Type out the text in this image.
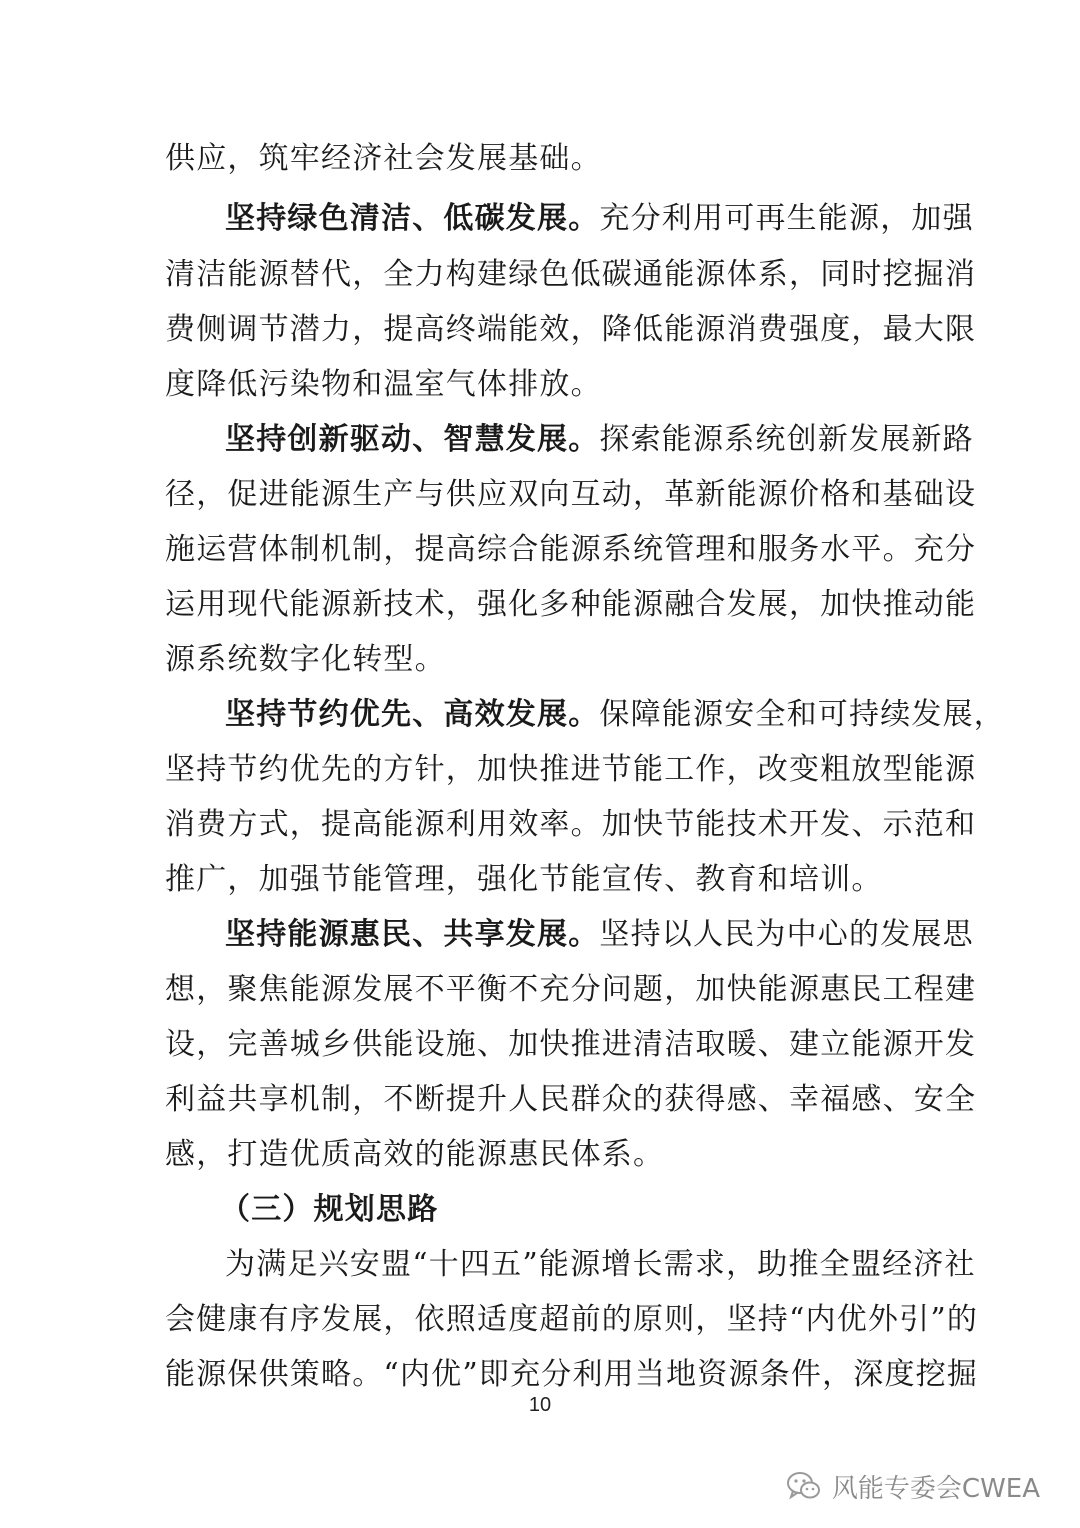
供应，筑牢经济社会发展基础。
坚持绿色清洁、低碳发展。充分利用可再生能源，加强
清洁能源替代，全力构建绿色低碳通能源体系，同时挖掘消
费侧调节潜力，提高终端能效，降低能源消费强度，最大限
度降低污染物和温室气体排放。
坚持创新驱动、智慧发展。探索能源系统创新发展新路
径，促进能源生产与供应双向互动，革新能源价格和基础设
施运营体制机制，提高综合能源系统管理和服务水平。充分
运用现代能源新技术，强化多种能源融合发展，加快推动能
源系统数字化转型。
坚持节约优先、高效发展。保障能源安全和可持续发展，
坚持节约优先的方针，加快推进节能工作，改变粗放型能源
消费方式，提高能源利用效率。加快节能技术开发、示范和
推广，加强节能管理，强化节能宣传、教育和培训。
坚持能源惠民、共享发展。坚持以人民为中心的发展思
想，聚焦能源发展不平衡不充分问题，加快能源惠民工程建
设，完善城乡供能设施、加快推进清洁取暖、建立能源开发
利益共享机制，不断提升人民群众的获得感、幸福感、安全
感，打造优质高效的能源惠民体系。
（三）规划思路
为满足兴安盟“十四五”能源增长需求，助推全盟经济社
会健康有序发展，依照适度超前的原则，坚持“内优外引”的
能源保供策略。“内优”即充分利用当地资源条件，深度挖掘
10
风能专委会CWEA
